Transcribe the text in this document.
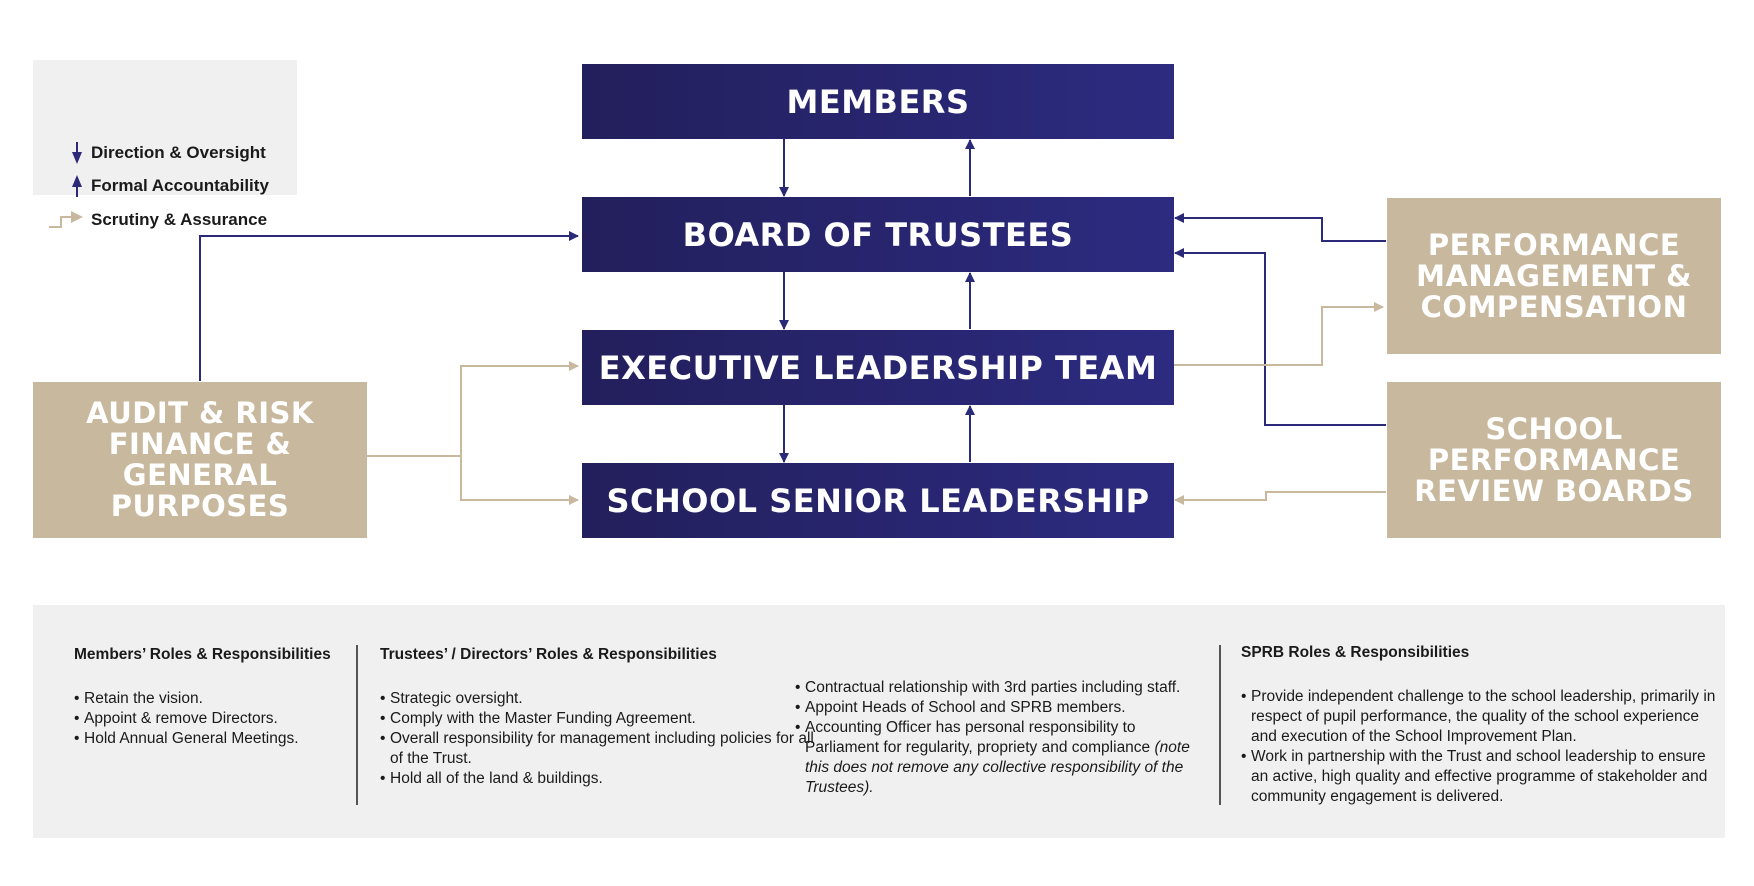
Direction & Oversight
Formal Accountability
Scrutiny & Assurance
MEMBERS
BOARD OF TRUSTEES
EXECUTIVE LEADERSHIP TEAM
SCHOOL SENIOR LEADERSHIP
AUDIT & RISK
FINANCE &
GENERAL PURPOSES
PERFORMANCE
MANAGEMENT &
COMPENSATION
SCHOOL
PERFORMANCE
REVIEW BOARDS
Members’ Roles & Responsibilities
• Retain the vision.
• Appoint & remove Directors.
• Hold Annual General Meetings.
Trustees’ / Directors’ Roles & Responsibilities
• Strategic oversight.
• Comply with the Master Funding Agreement.
• Overall responsibility for management including policies for all of the Trust.
• Hold all of the land & buildings.
• Contractual relationship with 3rd parties including staff.
• Appoint Heads of School and SPRB members.
• Accounting Officer has personal responsibility to Parliament for regularity, propriety and compliance (note this does not remove any collective responsibility of the Trustees).
SPRB Roles & Responsibilities
• Provide independent challenge to the school leadership, primarily in respect of pupil performance, the quality of the school experience and execution of the School Improvement Plan.
• Work in partnership with the Trust and school leadership to ensure an active, high quality and effective programme of stakeholder and community engagement is delivered.
